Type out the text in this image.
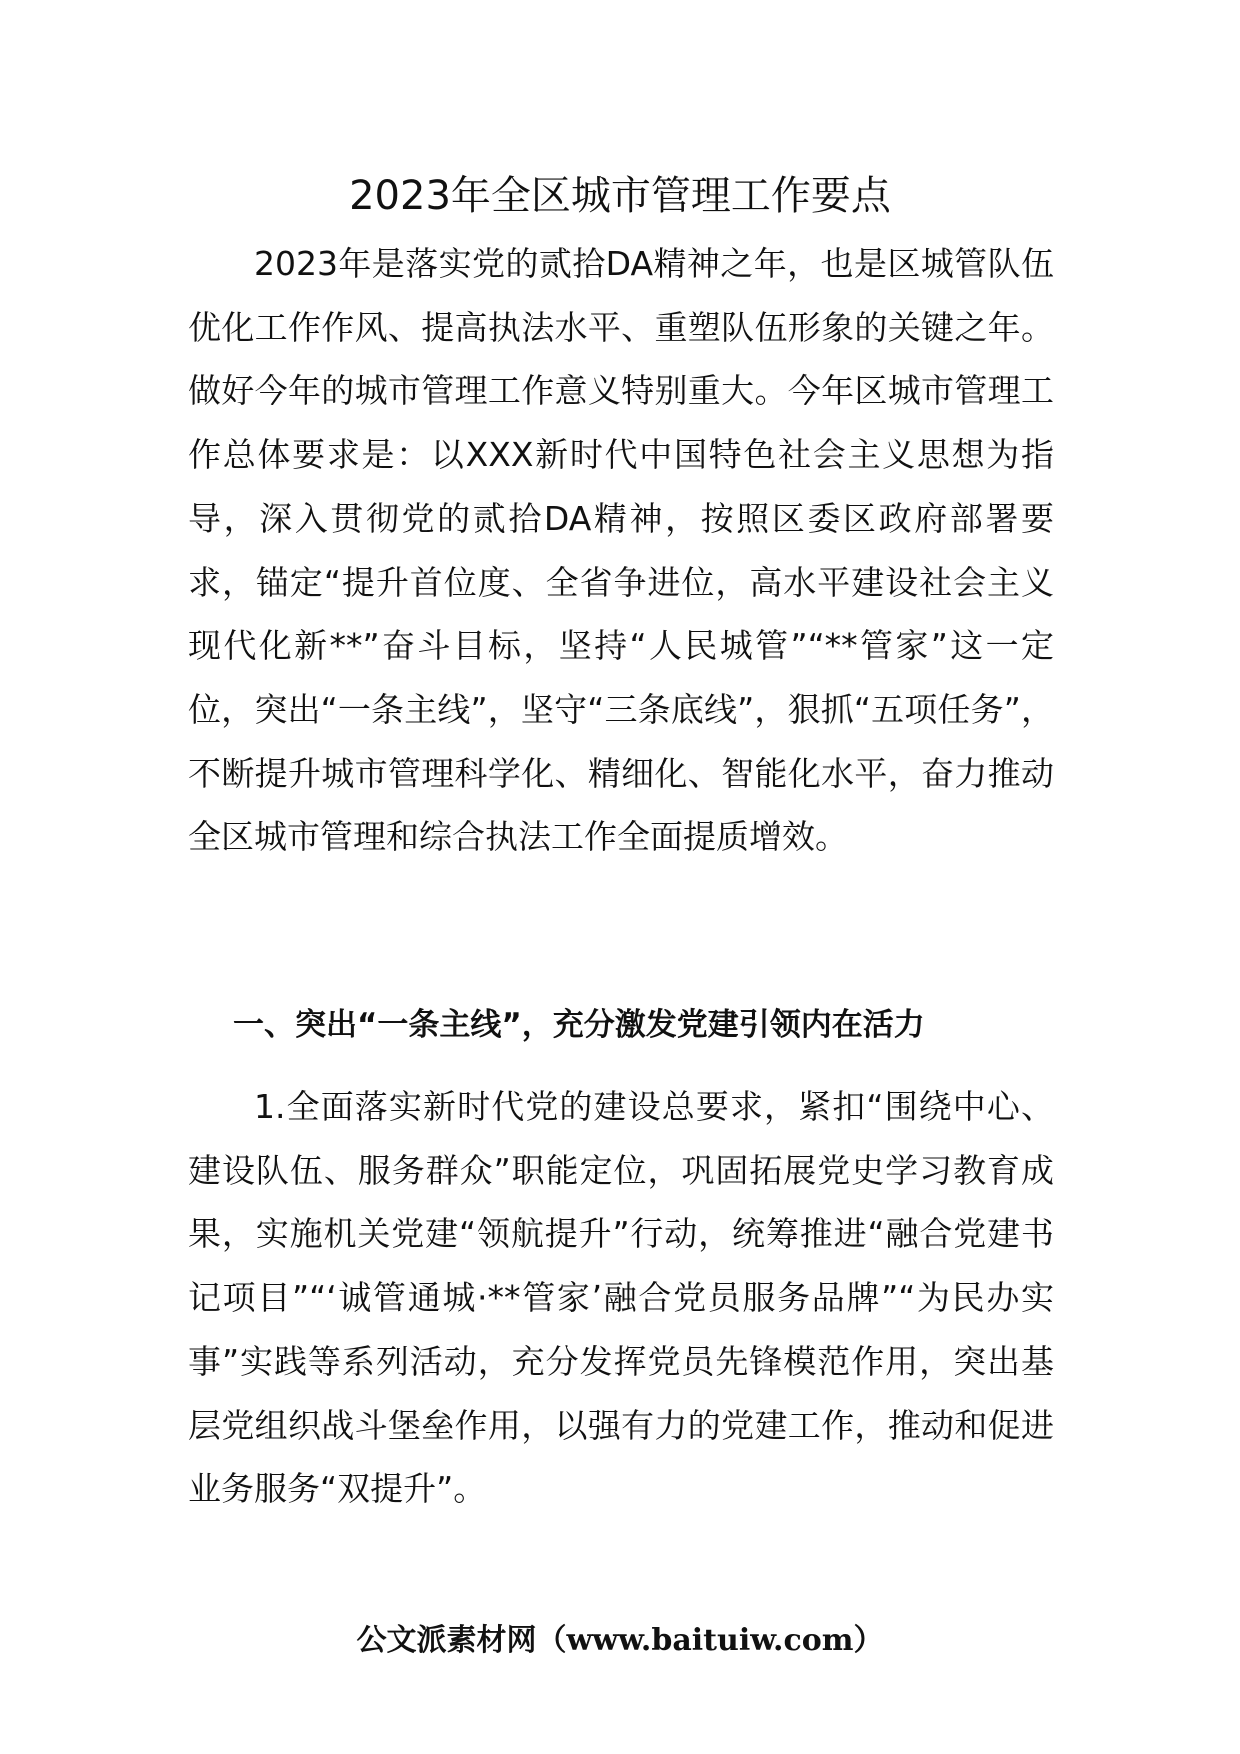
2023年全区城市管理工作要点

2023年是落实党的贰拾DA精神之年，也是区城管队伍优化工作作风、提高执法水平、重塑队伍形象的关键之年。做好今年的城市管理工作意义特别重大。今年区城市管理工作总体要求是：以XXX新时代中国特色社会主义思想为指导，深入贯彻党的贰拾DA精神，按照区委区政府部署要求，锚定“提升首位度、全省争进位，高水平建设社会主义现代化新**”奋斗目标，坚持“人民城管”“**管家”这一定位，突出“一条主线”，坚守“三条底线”，狠抓“五项任务”，不断提升城市管理科学化、精细化、智能化水平，奋力推动全区城市管理和综合执法工作全面提质增效。

一、突出“一条主线”，充分激发党建引领内在活力

1.全面落实新时代党的建设总要求，紧扣“围绕中心、建设队伍、服务群众”职能定位，巩固拓展党史学习教育成果，实施机关党建“领航提升”行动，统筹推进“融合党建书记项目”“‘诚管通城·**管家’融合党员服务品牌”“为民办实事”实践等系列活动，充分发挥党员先锋模范作用，突出基层党组织战斗堡垒作用，以强有力的党建工作，推动和促进业务服务“双提升”。

公文派素材网（www.baituiw.com）
